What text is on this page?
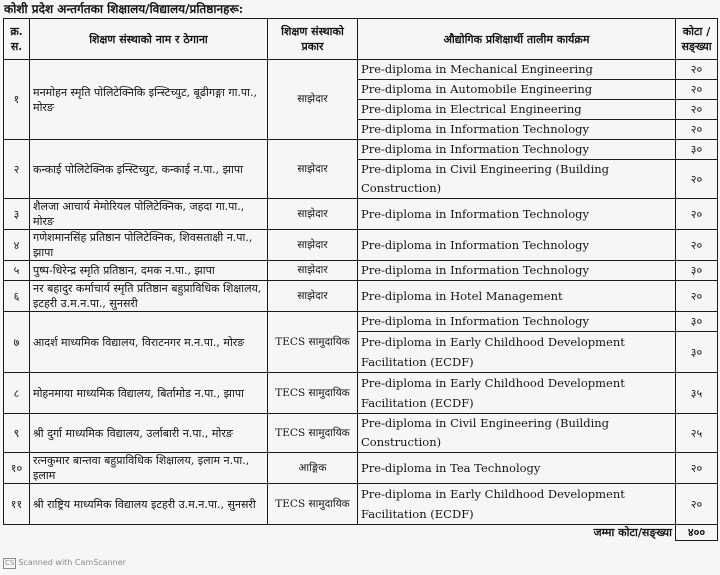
कोशी प्रदेश अन्तर्गतका शिक्षालय/विद्यालय/प्रतिष्ठानहरू:
क्र. स.	शिक्षण संस्थाको नाम र ठेगाना	शिक्षण संस्थाको प्रकार	औद्योगिक प्रशिक्षार्थी तालीम कार्यक्रम	कोटा / सङ्ख्या
१	मनमोहन स्मृति पोलिटेक्निकि इन्स्टिच्युट, बूढीगङ्गा गा.पा., मोरङ	साझेदार	Pre-diploma in Mechanical Engineering	२०
			Pre-diploma in Automobile Engineering	२०
			Pre-diploma in Electrical Engineering	२०
			Pre-diploma in Information Technology	२०
२	कन्काई पोलिटेक्निक इन्स्टिच्युट, कन्काई न.पा., झापा	साझेदार	Pre-diploma in Information Technology	३०
			Pre-diploma in Civil Engineering (Building Construction)	२०
३	शैलजा आचार्य मेमोरियल पोलिटेक्निक, जहदा गा.पा., मोरङ	साझेदार	Pre-diploma in Information Technology	२०
४	गणेशमानसिंह प्रतिष्ठान पोलिटेक्निक, शिवसताक्षी न.पा., झापा	साझेदार	Pre-diploma in Information Technology	२०
५	पुष्प-धिरेन्द्र स्मृति प्रतिष्ठान, दमक न.पा., झापा	साझेदार	Pre-diploma in Information Technology	३०
६	नर बहादुर कर्माचार्य स्मृति प्रतिष्ठान बहुप्राविधिक शिक्षालय, इटहरी उ.म.न.पा., सुनसरी	साझेदार	Pre-diploma in Hotel Management	२०
७	आदर्श माध्यमिक विद्यालय, विराटनगर म.न.पा., मोरङ	TECS सामुदायिक	Pre-diploma in Information Technology	३०
			Pre-diploma in Early Childhood Development Facilitation (ECDF)	३०
८	मोहनमाया माध्यमिक विद्यालय, बिर्तामोड न.पा., झापा	TECS सामुदायिक	Pre-diploma in Early Childhood Development Facilitation (ECDF)	३५
९	श्री दुर्गा माध्यमिक विद्यालय, उर्लाबारी न.पा., मोरङ	TECS सामुदायिक	Pre-diploma in Civil Engineering (Building Construction)	२५
१०	रत्नकुमार बान्तवा बहुप्राविधिक शिक्षालय, इलाम न.पा., इलाम	आङ्गिक	Pre-diploma in Tea Technology	२०
११	श्री राष्ट्रिय माध्यमिक विद्यालय इटहरी उ.म.न.पा., सुनसरी	TECS सामुदायिक	Pre-diploma in Early Childhood Development Facilitation (ECDF)	२०
			जम्मा कोटा/सङ्ख्या	४००
CS Scanned with CamScanner
